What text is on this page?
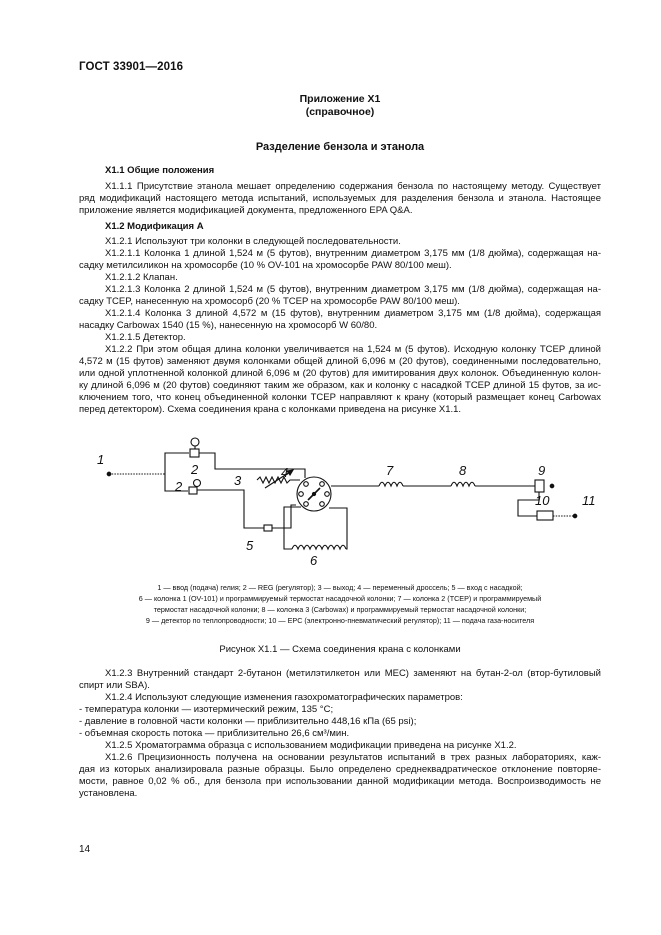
ГОСТ 33901—2016
Приложение Х1
(справочное)
Разделение бензола и этанола
Х1.1 Общие положения
Х1.1.1 Присутствие этанола мешает определению содержания бензола по настоящему методу. Существует
ряд модификаций настоящего метода испытаний, используемых для разделения бензола и этанола. Настоящее
приложение является модификацией документа, предложенного EPA Q&A.
Х1.2 Модификация А
Х1.2.1 Используют три колонки в следующей последовательности.
Х1.2.1.1 Колонка 1 длиной 1,524 м (5 футов), внутренним диаметром 3,175 мм (1/8 дюйма), содержащая на-
садку метилсиликон на хромосорбе (10 % OV-101 на хромосорбе PAW 80/100 меш).
Х1.2.1.2 Клапан.
Х1.2.1.3 Колонка 2 длиной 1,524 м (5 футов), внутренним диаметром 3,175 мм (1/8 дюйма), содержащая на-
садку TCEP, нанесенную на хромосорб (20 % TCEP на хромосорбе PAW 80/100 меш).
Х1.2.1.4 Колонка 3 длиной 4,572 м (15 футов), внутренним диаметром 3,175 мм (1/8 дюйма), содержащая
насадку Carbowax 1540 (15 %), нанесенную на хромосорб W 60/80.
Х1.2.1.5 Детектор.
Х1.2.2 При этом общая длина колонки увеличивается на 1,524 м (5 футов). Исходную колонку TCEP длиной
4,572 м (15 футов) заменяют двумя колонками общей длиной 6,096 м (20 футов), соединенными последовательно,
или одной уплотненной колонкой длиной 6,096 м (20 футов) для имитирования двух колонок. Объединенную колон-
ку длиной 6,096 м (20 футов) соединяют таким же образом, как и колонку с насадкой TCEP длиной 15 футов, за ис-
ключением того, что конец объединенной колонки TCEP направляют к крану (который размещает конец Carbowax
перед детектором). Схема соединения крана с колонками приведена на рисунке Х1.1.
1
2
2	3
4
5
6
7	8	9
10	11
1 — ввод (подача) гелия; 2 — REG (регулятор); 3 — выход; 4 — переменный дроссель; 5 — вход с насадкой;
6 — колонка 1 (OV-101) и программируемый термостат насадочной колонки; 7 — колонка 2 (TCEP) и программируемый
термостат насадочной колонки; 8 — колонка 3 (Carbowax) и программируемый термостат насадочной колонки;
9 — детектор по теплопроводности; 10 — EPC (электронно-пневматический регулятор); 11 — подача газа-носителя
Рисунок Х1.1 — Схема соединения крана с колонками
Х1.2.3 Внутренний стандарт 2-бутанон (метилэтилкетон или МЕС) заменяют на бутан-2-ол (втор-бутиловый
спирт или SBA).
Х1.2.4 Используют следующие изменения газохроматографических параметров:
- температура колонки — изотермический режим, 135 °С;
- давление в головной части колонки — приблизительно 448,16 кПа (65 psi);
- объемная скорость потока — приблизительно 26,6 см³/мин.
Х1.2.5 Хроматограмма образца с использованием модификации приведена на рисунке Х1.2.
Х1.2.6 Прецизионность получена на основании результатов испытаний в трех разных лабораториях, каж-
дая из которых анализировала разные образцы. Было определено среднеквадратическое отклонение повторяе-
мости, равное 0,02 % об., для бензола при использовании данной модификации метода. Воспроизводимость не
установлена.
14
